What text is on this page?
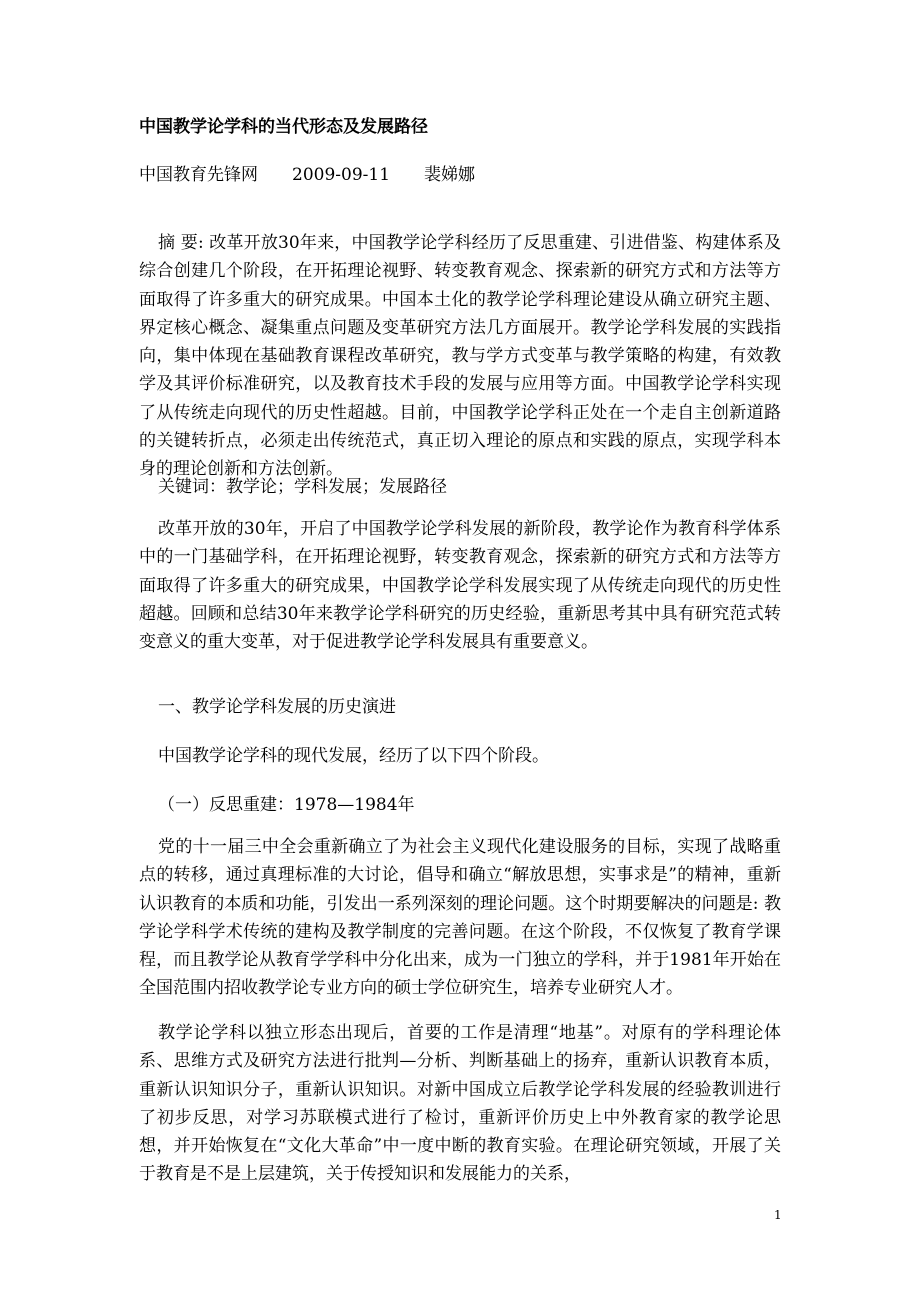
中国教学论学科的当代形态及发展路径
中国教育先锋网 2009-09-11 裴娣娜

摘 要: 改革开放30年来，中国教学论学科经历了反思重建、引进借鉴、构建体系及综合创建几个阶段，在开拓理论视野、转变教育观念、探索新的研究方式和方法等方面取得了许多重大的研究成果。中国本土化的教学论学科理论建设从确立研究主题、界定核心概念、凝集重点问题及变革研究方法几方面展开。教学论学科发展的实践指向，集中体现在基础教育课程改革研究，教与学方式变革与教学策略的构建，有效教学及其评价标准研究，以及教育技术手段的发展与应用等方面。中国教学论学科实现了从传统走向现代的历史性超越。目前，中国教学论学科正处在一个走自主创新道路的关键转折点，必须走出传统范式，真正切入理论的原点和实践的原点，实现学科本身的理论创新和方法创新。

关键词：教学论；学科发展；发展路径

改革开放的30年，开启了中国教学论学科发展的新阶段，教学论作为教育科学体系中的一门基础学科，在开拓理论视野，转变教育观念，探索新的研究方式和方法等方面取得了许多重大的研究成果，中国教学论学科发展实现了从传统走向现代的历史性超越。回顾和总结30年来教学论学科研究的历史经验，重新思考其中具有研究范式转变意义的重大变革，对于促进教学论学科发展具有重要意义。

一、教学论学科发展的历史演进
中国教学论学科的现代发展，经历了以下四个阶段。
（一）反思重建：1978—1984年

党的十一届三中全会重新确立了为社会主义现代化建设服务的目标，实现了战略重点的转移，通过真理标准的大讨论，倡导和确立“解放思想，实事求是”的精神，重新认识教育的本质和功能，引发出一系列深刻的理论问题。这个时期要解决的问题是: 教学论学科学术传统的建构及教学制度的完善问题。在这个阶段，不仅恢复了教育学课程，而且教学论从教育学学科中分化出来，成为一门独立的学科，并于1981年开始在全国范围内招收教学论专业方向的硕士学位研究生，培养专业研究人才。

教学论学科以独立形态出现后，首要的工作是清理“地基”。对原有的学科理论体系、思维方式及研究方法进行批判—分析、判断基础上的扬弃，重新认识教育本质，重新认识知识分子，重新认识知识。对新中国成立后教学论学科发展的经验教训进行了初步反思，对学习苏联模式进行了检讨，重新评价历史上中外教育家的教学论思想，并开始恢复在“文化大革命”中一度中断的教育实验。在理论研究领域，开展了关于教育是不是上层建筑，关于传授知识和发展能力的关系，

1
